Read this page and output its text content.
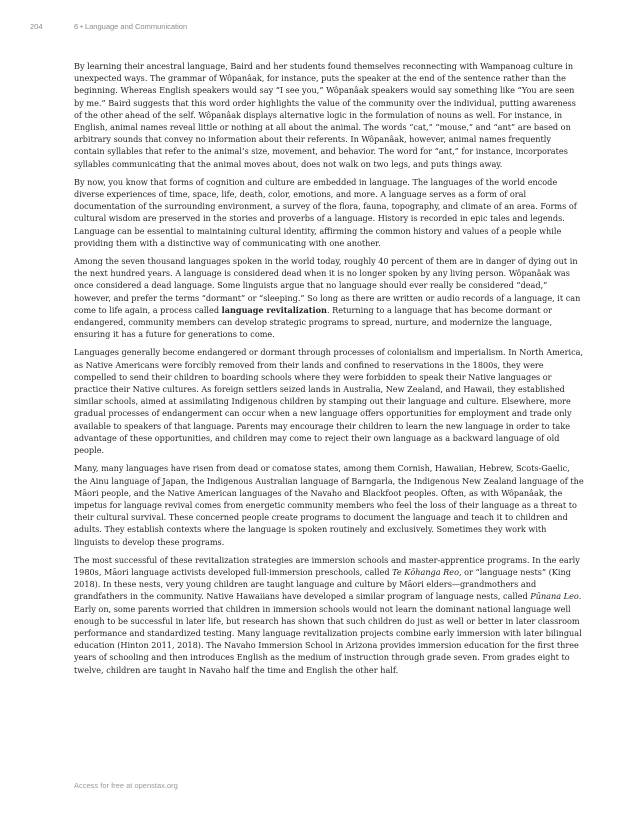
204	6 • Language and Communication

By learning their ancestral language, Baird and her students found themselves reconnecting with Wampanoag culture in unexpected ways. The grammar of Wôpanâak, for instance, puts the speaker at the end of the sentence rather than the beginning. Whereas English speakers would say “I see you,” Wôpanâak speakers would say something like “You are seen by me.” Baird suggests that this word order highlights the value of the community over the individual, putting awareness of the other ahead of the self. Wôpanâak displays alternative logic in the formulation of nouns as well. For instance, in English, animal names reveal little or nothing at all about the animal. The words “cat,” “mouse,” and “ant” are based on arbitrary sounds that convey no information about their referents. In Wôpanâak, however, animal names frequently contain syllables that refer to the animal’s size, movement, and behavior. The word for “ant,” for instance, incorporates syllables communicating that the animal moves about, does not walk on two legs, and puts things away.

By now, you know that forms of cognition and culture are embedded in language. The languages of the world encode diverse experiences of time, space, life, death, color, emotions, and more. A language serves as a form of oral documentation of the surrounding environment, a survey of the flora, fauna, topography, and climate of an area. Forms of cultural wisdom are preserved in the stories and proverbs of a language. History is recorded in epic tales and legends. Language can be essential to maintaining cultural identity, affirming the common history and values of a people while providing them with a distinctive way of communicating with one another.

Among the seven thousand languages spoken in the world today, roughly 40 percent of them are in danger of dying out in the next hundred years. A language is considered dead when it is no longer spoken by any living person. Wôpanâak was once considered a dead language. Some linguists argue that no language should ever really be considered “dead,” however, and prefer the terms “dormant” or “sleeping.” So long as there are written or audio records of a language, it can come to life again, a process called language revitalization. Returning to a language that has become dormant or endangered, community members can develop strategic programs to spread, nurture, and modernize the language, ensuring it has a future for generations to come.

Languages generally become endangered or dormant through processes of colonialism and imperialism. In North America, as Native Americans were forcibly removed from their lands and confined to reservations in the 1800s, they were compelled to send their children to boarding schools where they were forbidden to speak their Native languages or practice their Native cultures. As foreign settlers seized lands in Australia, New Zealand, and Hawaii, they established similar schools, aimed at assimilating Indigenous children by stamping out their language and culture. Elsewhere, more gradual processes of endangerment can occur when a new language offers opportunities for employment and trade only available to speakers of that language. Parents may encourage their children to learn the new language in order to take advantage of these opportunities, and children may come to reject their own language as a backward language of old people.

Many, many languages have risen from dead or comatose states, among them Cornish, Hawaiian, Hebrew, Scots-Gaelic, the Ainu language of Japan, the Indigenous Australian language of Barngarla, the Indigenous New Zealand language of the Māori people, and the Native American languages of the Navaho and Blackfoot peoples. Often, as with Wôpanâak, the impetus for language revival comes from energetic community members who feel the loss of their language as a threat to their cultural survival. These concerned people create programs to document the language and teach it to children and adults. They establish contexts where the language is spoken routinely and exclusively. Sometimes they work with linguists to develop these programs.

The most successful of these revitalization strategies are immersion schools and master-apprentice programs. In the early 1980s, Māori language activists developed full-immersion preschools, called Te Kōhanga Reo, or “language nests” (King 2018). In these nests, very young children are taught language and culture by Māori elders—grandmothers and grandfathers in the community. Native Hawaiians have developed a similar program of language nests, called Pūnana Leo. Early on, some parents worried that children in immersion schools would not learn the dominant national language well enough to be successful in later life, but research has shown that such children do just as well or better in later classroom performance and standardized testing. Many language revitalization projects combine early immersion with later bilingual education (Hinton 2011, 2018). The Navaho Immersion School in Arizona provides immersion education for the first three years of schooling and then introduces English as the medium of instruction through grade seven. From grades eight to twelve, children are taught in Navaho half the time and English the other half.

Access for free at openstax.org
